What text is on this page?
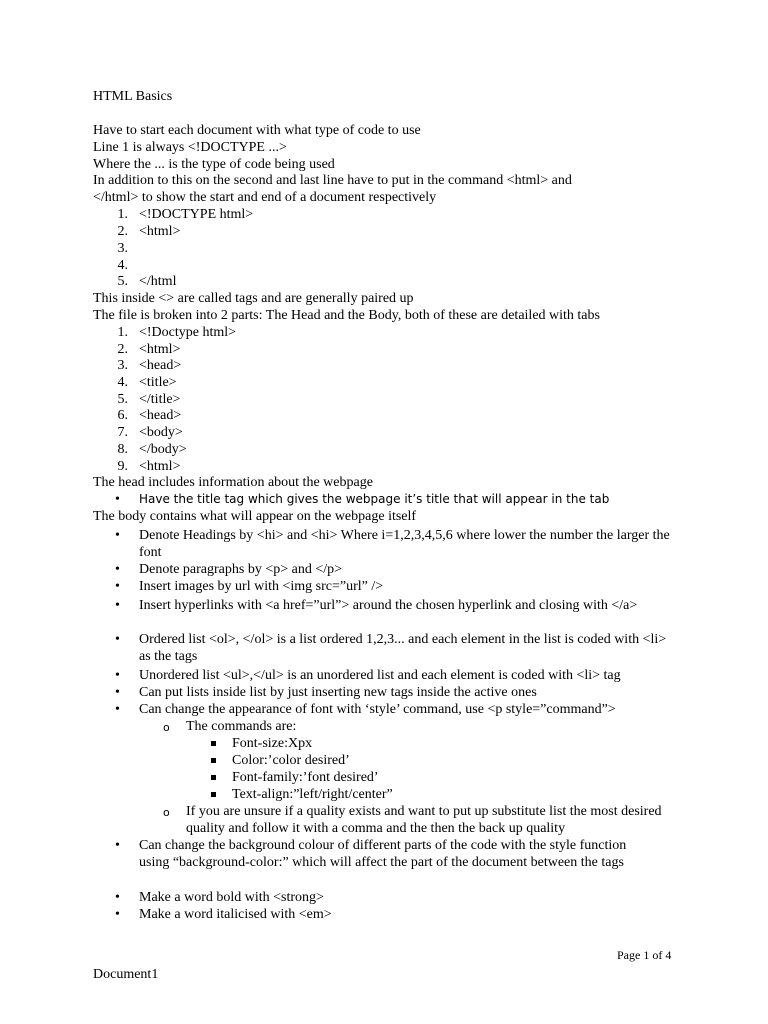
HTML Basics
Have to start each document with what type of code to use
Line 1 is always <!DOCTYPE ...>
Where the ... is the type of code being used
In addition to this on the second and last line have to put in the command <html> and
</html> to show the start and end of a document respectively
1. <!DOCTYPE html>
2. <html>
3.
4.
5. </html
This inside <> are called tags and are generally paired up
The file is broken into 2 parts: The Head and the Body, both of these are detailed with tabs
1. <!Doctype html>
2. <html>
3. <head>
4. <title>
5. </title>
6. <head>
7. <body>
8. </body>
9. <html>
The head includes information about the webpage
•
Have the title tag which gives the webpage it’s title that will appear in the tab
The body contains what will appear on the webpage itself
•
Denote Headings by <hi> and <hi> Where i=1,2,3,4,5,6 where lower the number the larger the font
•
Denote paragraphs by <p> and </p>
•
Insert images by url with <img src=”url” />
•
Insert hyperlinks with <a href=”url”> around the chosen hyperlink and closing with </a>
•
Ordered list <ol>, </ol> is a list ordered 1,2,3... and each element in the list is coded with <li> as the tags
•
Unordered list <ul>,</ul> is an unordered list and each element is coded with <li> tag
•
Can put lists inside list by just inserting new tags inside the active ones
•
Can change the appearance of font with ‘style’ command, use <p style=”command”>
o The commands are:
Font-size:Xpx
Color:’color desired’
Font-family:’font desired’
Text-align:”left/right/center”
o If you are unsure if a quality exists and want to put up substitute list the most desired quality and follow it with a comma and the then the back up quality
•
Can change the background colour of different parts of the code with the style function using “background-color:” which will affect the part of the document between the tags
•
Make a word bold with <strong>
•
Make a word italicised with <em>
Page 1 of 4
Document1
